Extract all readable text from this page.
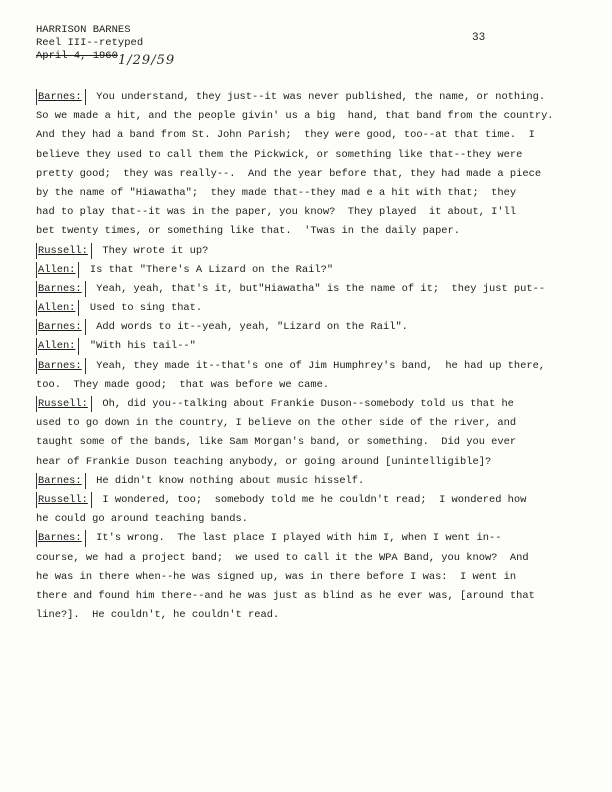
HARRISON BARNES
Reel III--retyped
April 4, 1960 1/29/59
33
Barnes: You understand, they just--it was never published, the name, or nothing.
So we made a hit, and the people givin' us a big  hand, that band from the country.
And they had a band from St. John Parish;  they were good, too--at that time.  I
believe they used to call them the Pickwick, or something like that--they were
pretty good;  they was really--.  And the year before that, they had made a piece
by the name of "Hiawatha";  they made that--they mad e a hit with that;  they
had to play that--it was in the paper, you know?  They played  it about, I'll
bet twenty times, or something like that.  'Twas in the daily paper.
Russell: They wrote it up?
Allen: Is that "There's A Lizard on the Rail?"
Barnes: Yeah, yeah, that's it, but"Hiawatha" is the name of it;  they just put--
Allen: Used to sing that.
Barnes: Add words to it--yeah, yeah, "Lizard on the Rail".
Allen: "With his tail--"
Barnes: Yeah, they made it--that's one of Jim Humphrey's band,  he had up there,
too.  They made good;  that was before we came.
Russell: Oh, did you--talking about Frankie Duson--somebody told us that he
used to go down in the country, I believe on the other side of the river, and
taught some of the bands, like Sam Morgan's band, or something.  Did you ever
hear of Frankie Duson teaching anybody, or going around [unintelligible]?
Barnes: He didn't know nothing about music hisself.
Russell: I wondered, too;  somebody told me he couldn't read;  I wondered how
he could go around teaching bands.
Barnes: It's wrong.  The last place I played with him I, when I went in--
course, we had a project band;  we used to call it the WPA Band, you know?  And
he was in there when--he was signed up, was in there before I was:  I went in
there and found him there--and he was just as blind as he ever was, [around that
line?].  He couldn't, he couldn't read.
